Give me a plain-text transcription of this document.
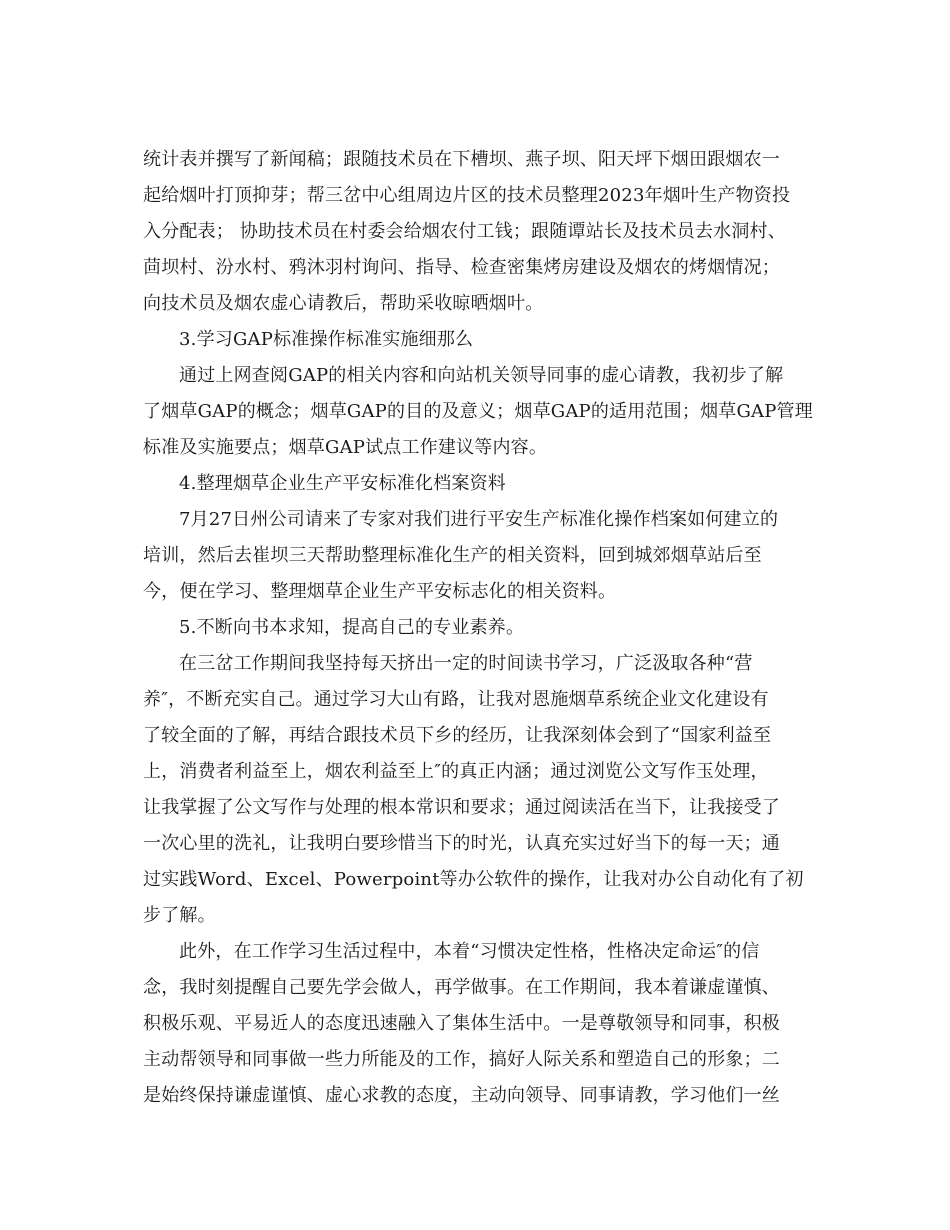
统计表并撰写了新闻稿；跟随技术员在下槽坝、燕子坝、阳天坪下烟田跟烟农一
起给烟叶打顶抑芽；帮三岔中心组周边片区的技术员整理2023年烟叶生产物资投
入分配表； 协助技术员在村委会给烟农付工钱；跟随谭站长及技术员去水洞村、
茴坝村、汾水村、鸦沐羽村询问、指导、检查密集烤房建设及烟农的烤烟情况；
向技术员及烟农虚心请教后，帮助采收晾晒烟叶。
3.学习GAP标准操作标准实施细那么
通过上网查阅GAP的相关内容和向站机关领导同事的虚心请教，我初步了解
了烟草GAP的概念；烟草GAP的目的及意义；烟草GAP的适用范围；烟草GAP管理
标准及实施要点；烟草GAP试点工作建议等内容。
4.整理烟草企业生产平安标准化档案资料
7月27日州公司请来了专家对我们进行平安生产标准化操作档案如何建立的
培训，然后去崔坝三天帮助整理标准化生产的相关资料，回到城郊烟草站后至
今，便在学习、整理烟草企业生产平安标志化的相关资料。
5.不断向书本求知，提高自己的专业素养。
在三岔工作期间我坚持每天挤出一定的时间读书学习，广泛汲取各种“营
养″，不断充实自己。通过学习大山有路，让我对恩施烟草系统企业文化建设有
了较全面的了解，再结合跟技术员下乡的经历，让我深刻体会到了“国家利益至
上，消费者利益至上，烟农利益至上″的真正内涵；通过浏览公文写作玉处理，
让我掌握了公文写作与处理的根本常识和要求；通过阅读活在当下，让我接受了
一次心里的洗礼，让我明白要珍惜当下的时光，认真充实过好当下的每一天；通
过实践Word、Excel、Powerpoint等办公软件的操作，让我对办公自动化有了初
步了解。
此外，在工作学习生活过程中，本着“习惯决定性格，性格决定命运″的信
念，我时刻提醒自己要先学会做人，再学做事。在工作期间，我本着谦虚谨慎、
积极乐观、平易近人的态度迅速融入了集体生活中。一是尊敬领导和同事，积极
主动帮领导和同事做一些力所能及的工作，搞好人际关系和塑造自己的形象；二
是始终保持谦虚谨慎、虚心求教的态度，主动向领导、同事请教，学习他们一丝
